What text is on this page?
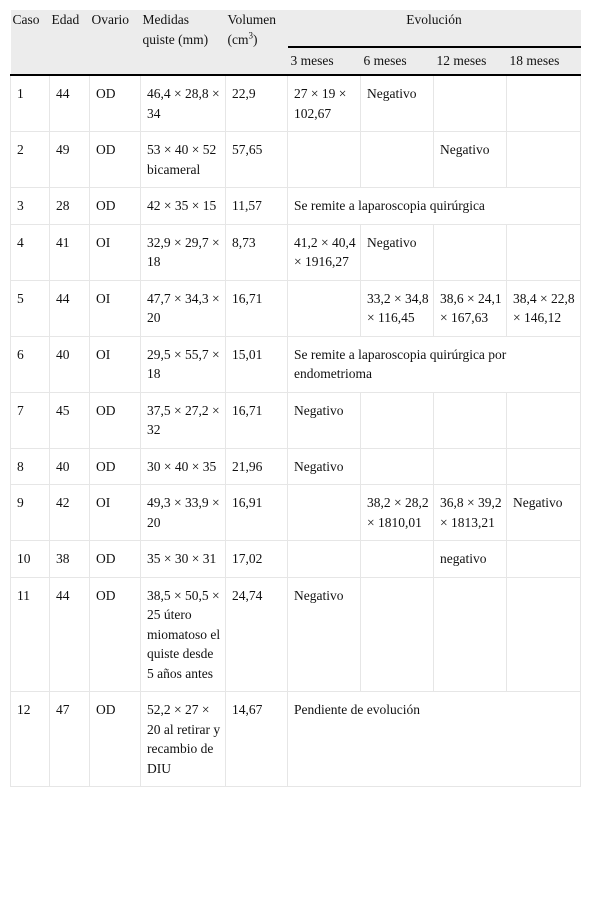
Caso	Edad	Ovario	Medidas quiste (mm)	Volumen $(cm^3)$	Evolución			
					3 meses	6 meses	12 meses	18 meses
1	44	OD	46,4 × 28,8 × 34	22,9	27 × 19 × 102,67	Negativo		
2	49	OD	53 × 40 × 52 bicameral	57,65			Negativo	
3	28	OD	42 × 35 × 15	11,57	Se remite a laparoscopia quirúrgica			
4	41	OI	32,9 × 29,7 × 18	8,73	41,2 × 40,4 × 1916,27	Negativo		
5	44	OI	47,7 × 34,3 × 20	16,71		33,2 × 34,8 × 116,45	38,6 × 24,1 × 167,63	38,4 × 22,8 × 146,12
6	40	OI	29,5 × 55,7 × 18	15,01	Se remite a laparoscopia quirúrgica por endometrioma			
7	45	OD	37,5 × 27,2 × 32	16,71	Negativo			
8	40	OD	30 × 40 × 35	21,96	Negativo			
9	42	OI	49,3 × 33,9 × 20	16,91		38,2 × 28,2 × 1810,01	36,8 × 39,2 × 1813,21	Negativo
10	38	OD	35 × 30 × 31	17,02			negativo	
11	44	OD	38,5 × 50,5 × 25 útero miomatoso el quiste desde 5 años antes	24,74	Negativo			
12	47	OD	52,2 × 27 × 20 al retirar y recambio de DIU	14,67	Pendiente de evolución			
